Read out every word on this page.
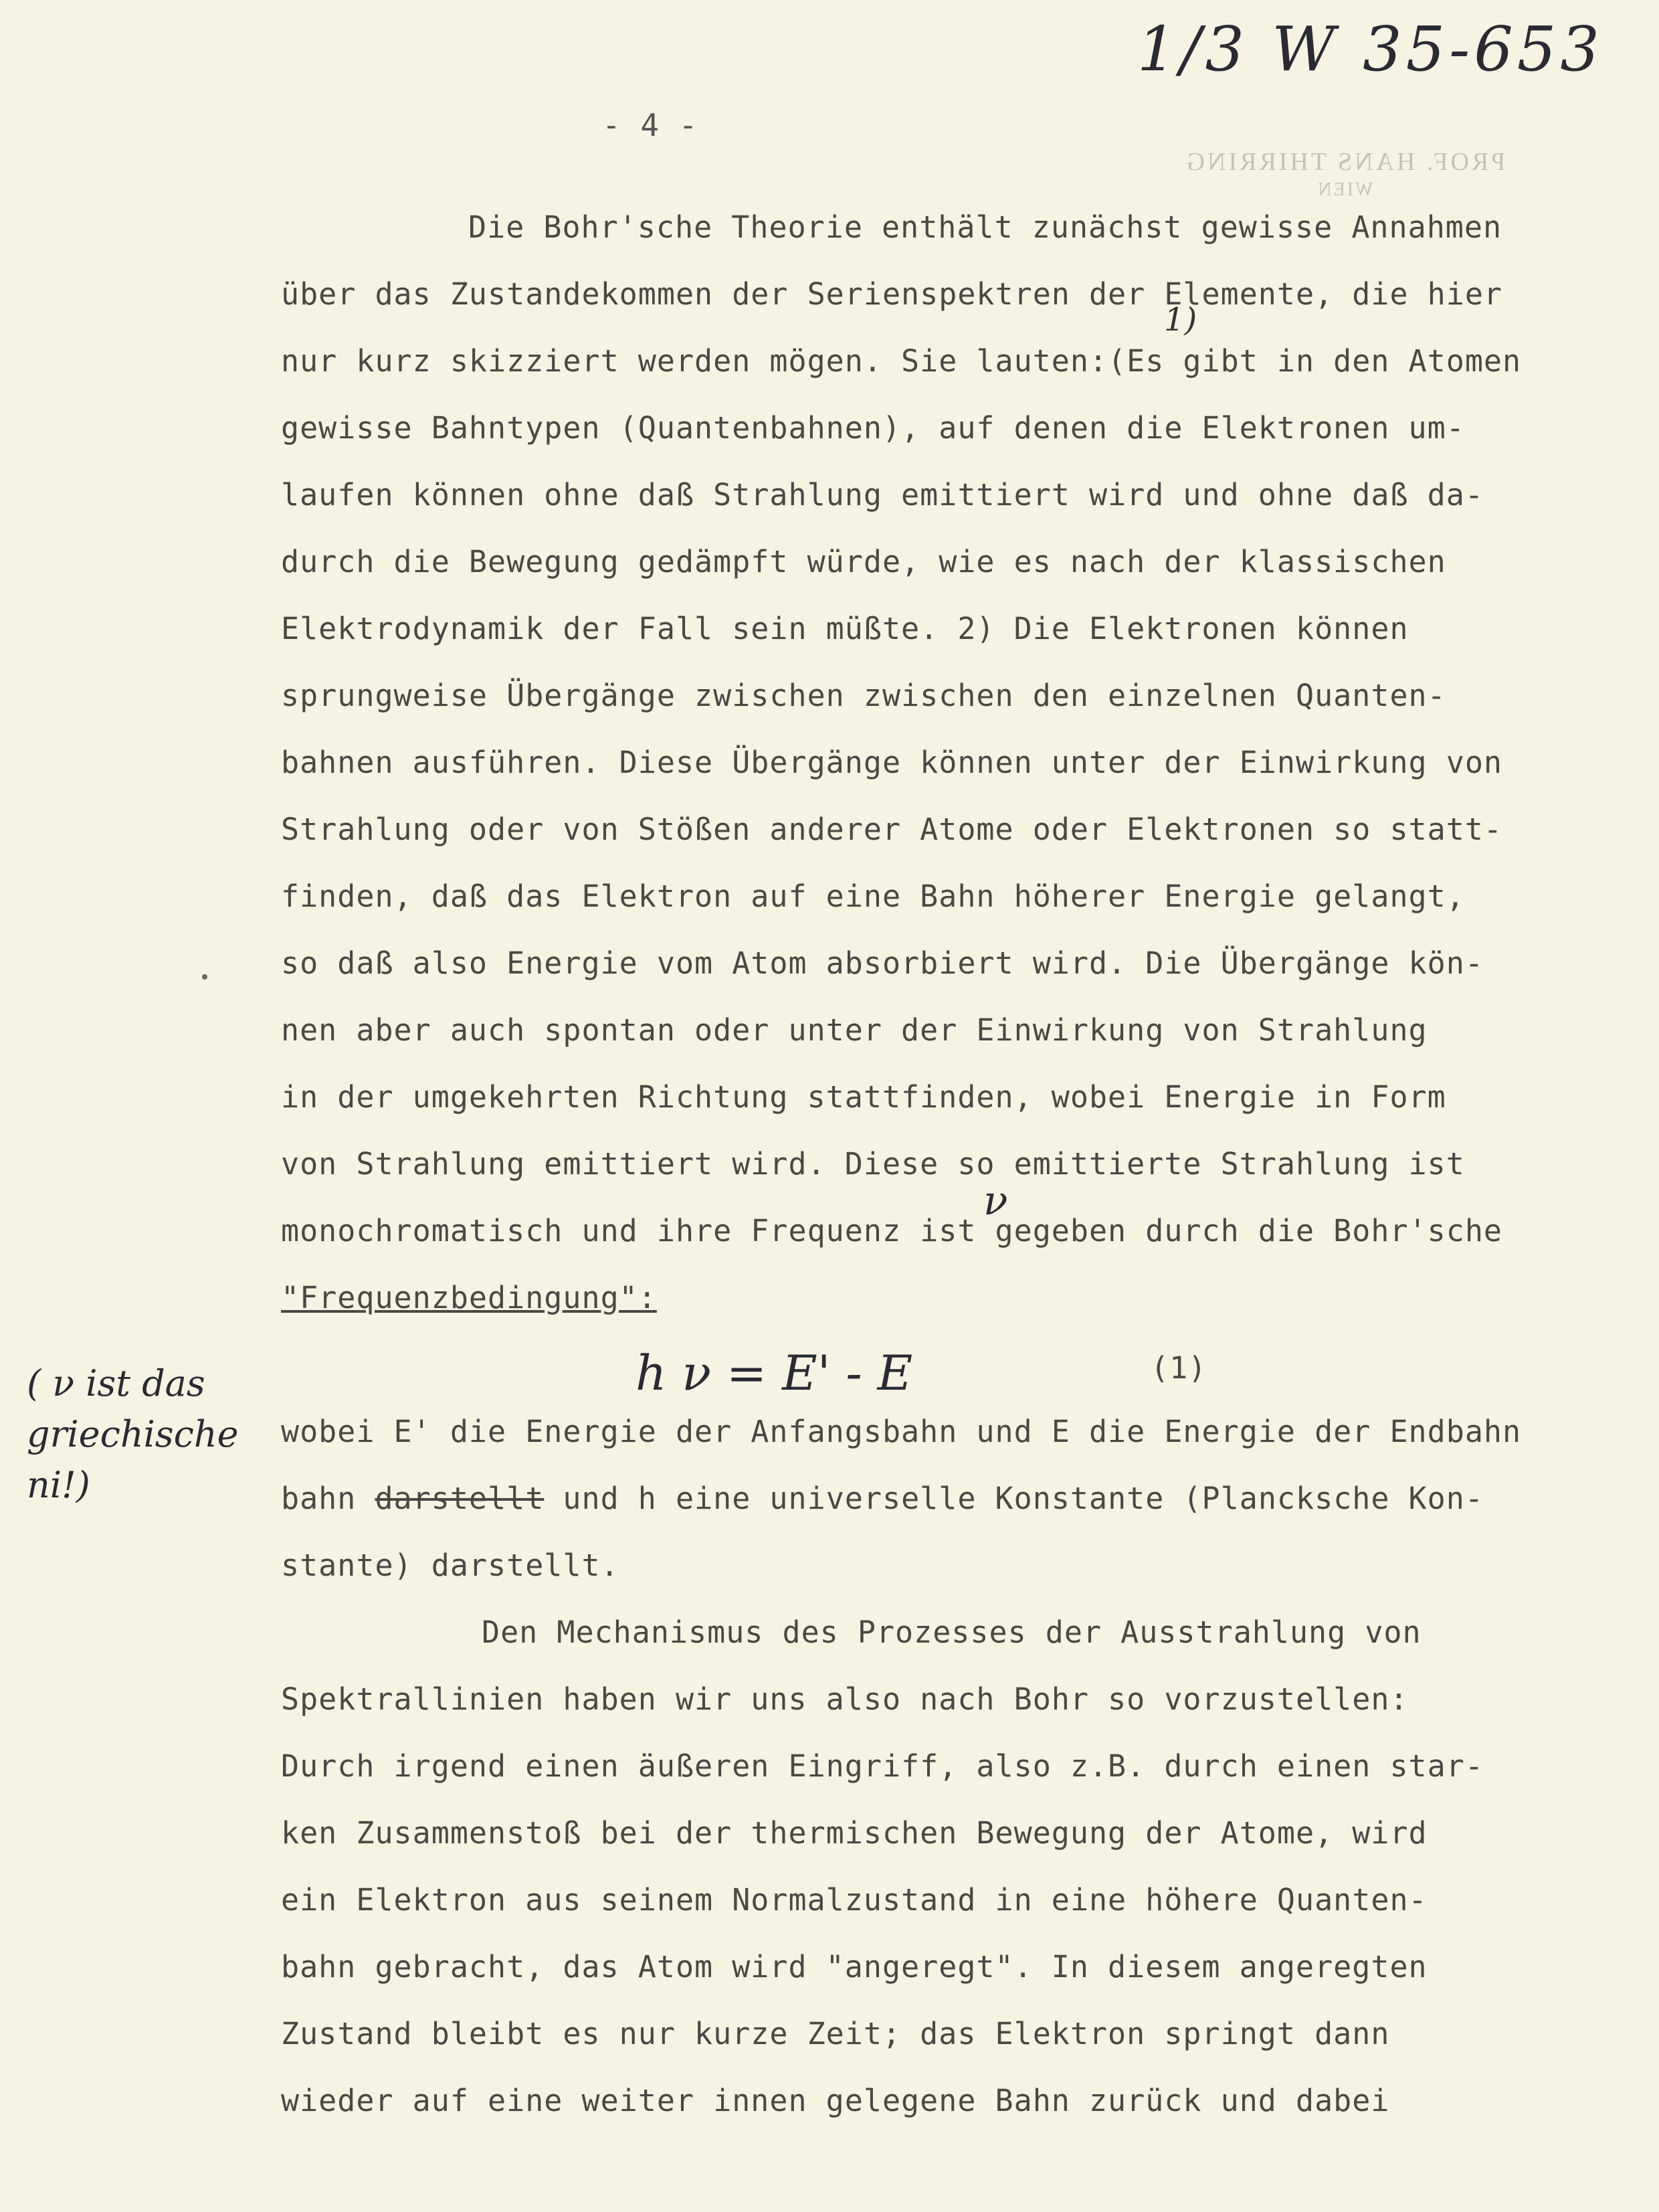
1/3 W 35-653
- 4 -
PROF. HANS THIRRING
WIEN
1)
Die Bohr'sche Theorie enthält zunächst gewisse Annahmen
über das Zustandekommen der Serienspektren der Elemente, die hier
nur kurz skizziert werden mögen. Sie lauten:(Es gibt in den Atomen
gewisse Bahntypen (Quantenbahnen), auf denen die Elektronen um-
laufen können ohne daß Strahlung emittiert wird und ohne daß da-
durch die Bewegung gedämpft würde, wie es nach der klassischen
Elektrodynamik der Fall sein müßte. 2) Die Elektronen können
sprungweise Übergänge zwischen zwischen den einzelnen Quanten-
bahnen ausführen. Diese Übergänge können unter der Einwirkung von
Strahlung oder von Stößen anderer Atome oder Elektronen so statt-
finden, daß das Elektron auf eine Bahn höherer Energie gelangt,
so daß also Energie vom Atom absorbiert wird. Die Übergänge kön-
nen aber auch spontan oder unter der Einwirkung von Strahlung
in der umgekehrten Richtung stattfinden, wobei Energie in Form
von Strahlung emittiert wird. Diese so emittierte Strahlung ist
monochromatisch und ihre Frequenz ist gegeben durch die Bohr'sche
"Frequenzbedingung":
ν
( ν ist das griechische ni!)
h ν = E' - E	(1)
wobei E' die Energie der Anfangsbahn und E die Energie der Endbahn
bahn darstellt und h eine universelle Konstante (Plancksche Kon-
stante) darstellt.
Den Mechanismus des Prozesses der Ausstrahlung von
Spektrallinien haben wir uns also nach Bohr so vorzustellen:
Durch irgend einen äußeren Eingriff, also z.B. durch einen star-
ken Zusammenstoß bei der thermischen Bewegung der Atome, wird
ein Elektron aus seinem Normalzustand in eine höhere Quanten-
bahn gebracht, das Atom wird "angeregt". In diesem angeregten
Zustand bleibt es nur kurze Zeit; das Elektron springt dann
wieder auf eine weiter innen gelegene Bahn zurück und dabei
